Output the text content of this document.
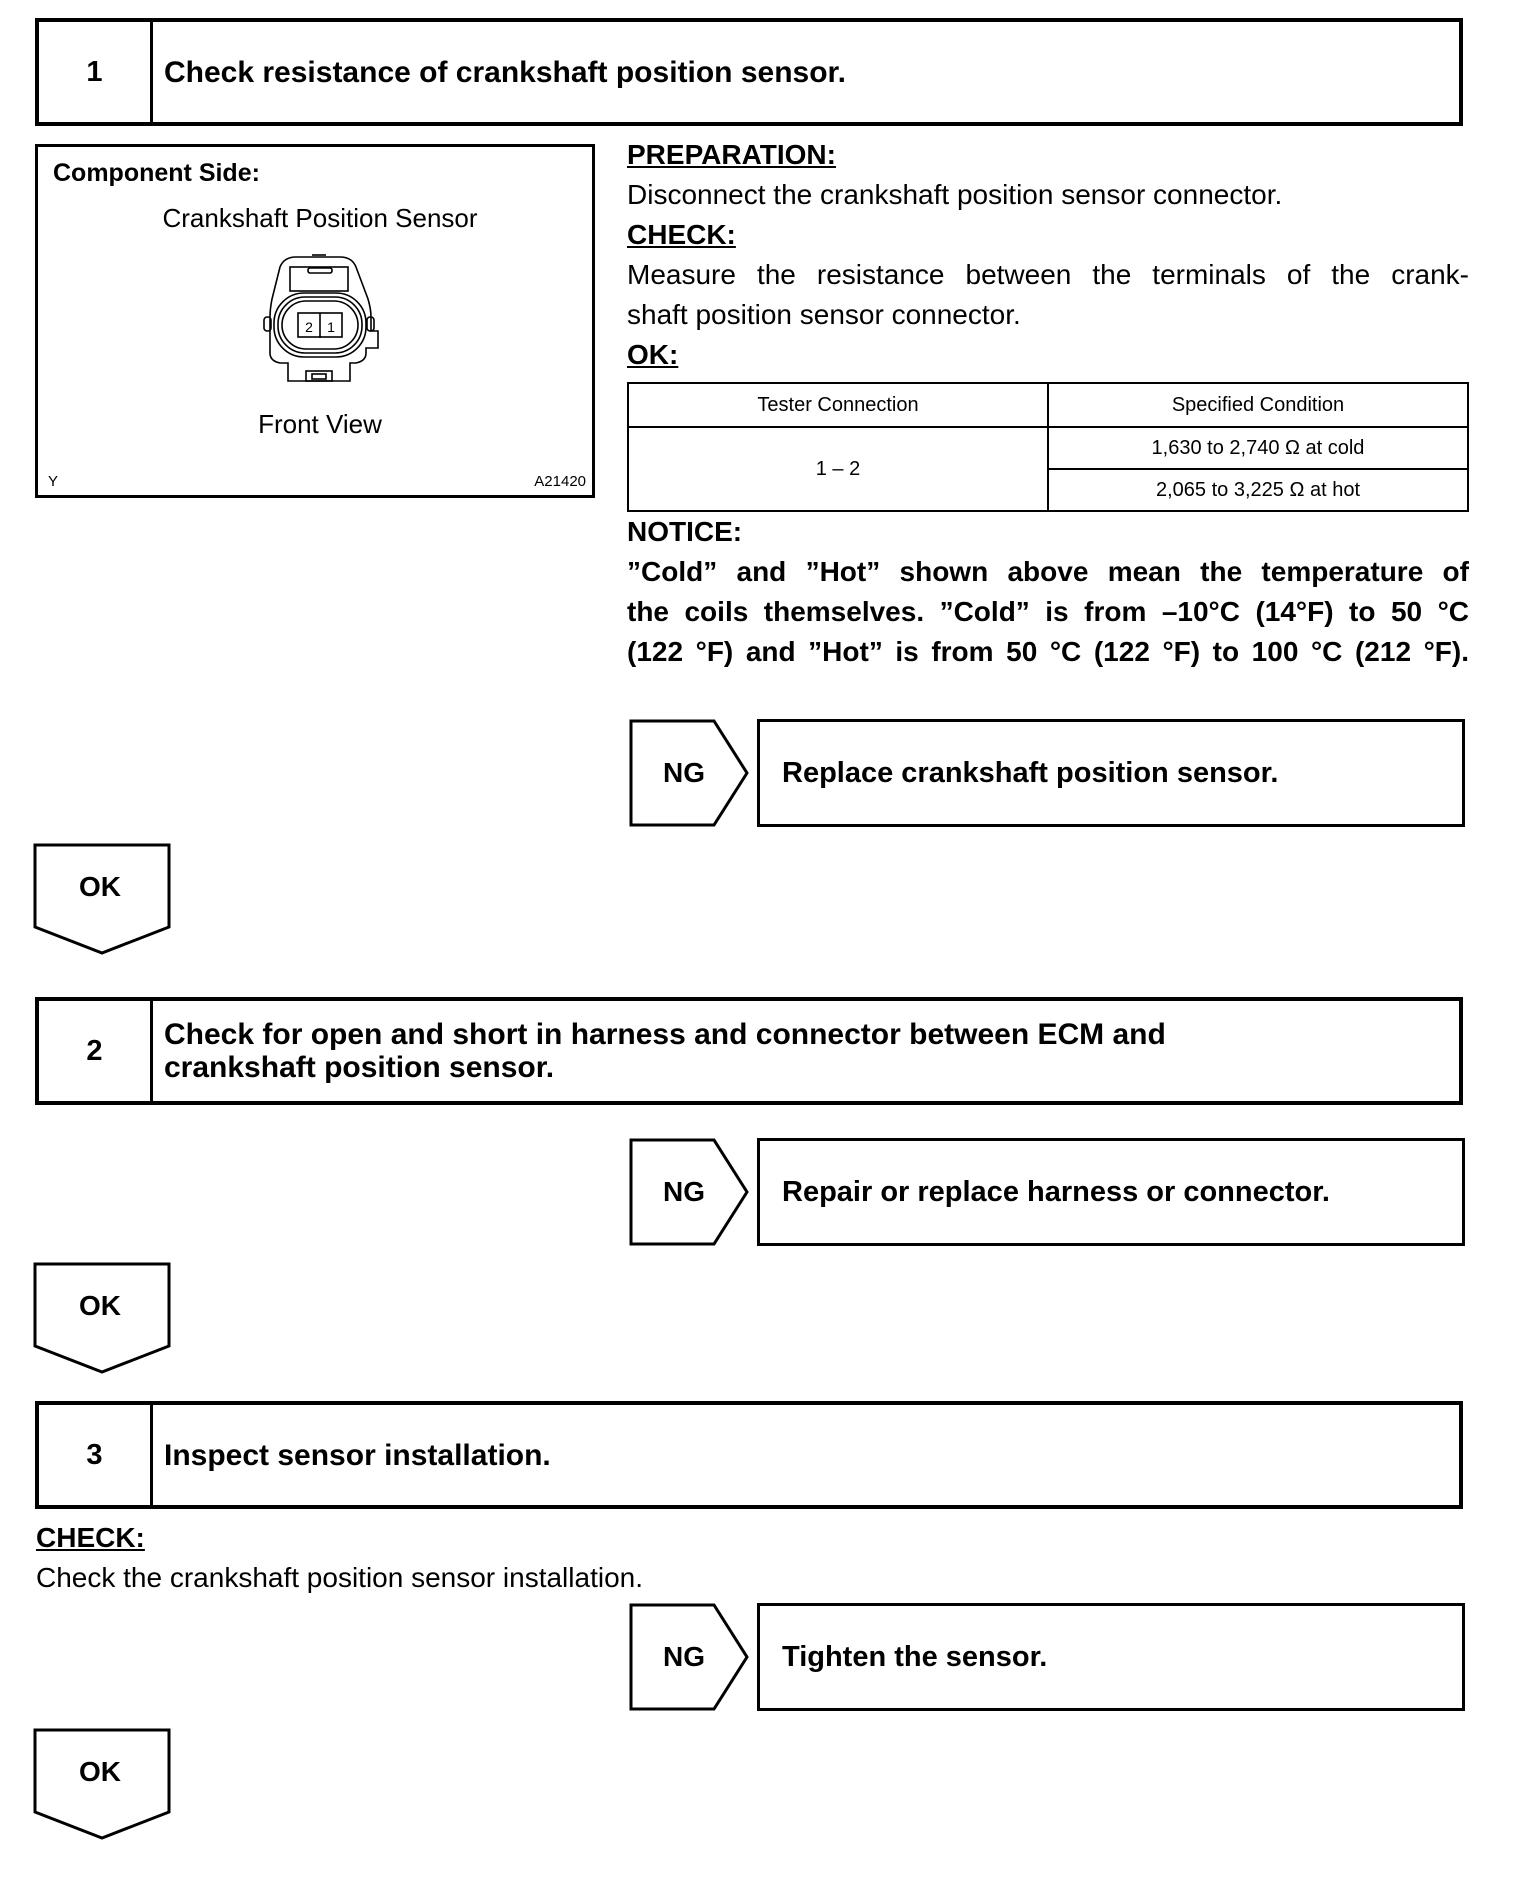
1	Check resistance of crankshaft position sensor.
Component Side:
Crankshaft Position Sensor
2 1
Front View
Y	A21420
PREPARATION:
Disconnect the crankshaft position sensor connector.
CHECK:
Measure the resistance between the terminals of the crank-
shaft position sensor connector.
OK:
Tester Connection	Specified Condition
1 – 2	1,630 to 2,740 Ω at cold
	2,065 to 3,225 Ω at hot
NOTICE:
”Cold” and ”Hot” shown above mean the temperature of
the coils themselves. ”Cold” is from –10°C (14°F) to 50 °C
(122 °F) and ”Hot” is from 50 °C (122 °F) to 100 °C (212 °F).
NG	Replace crankshaft position sensor.
OK
2	Check for open and short in harness and connector between ECM and
crankshaft position sensor.
NG	Repair or replace harness or connector.
OK
3	Inspect sensor installation.
CHECK:
Check the crankshaft position sensor installation.
NG	Tighten the sensor.
OK
